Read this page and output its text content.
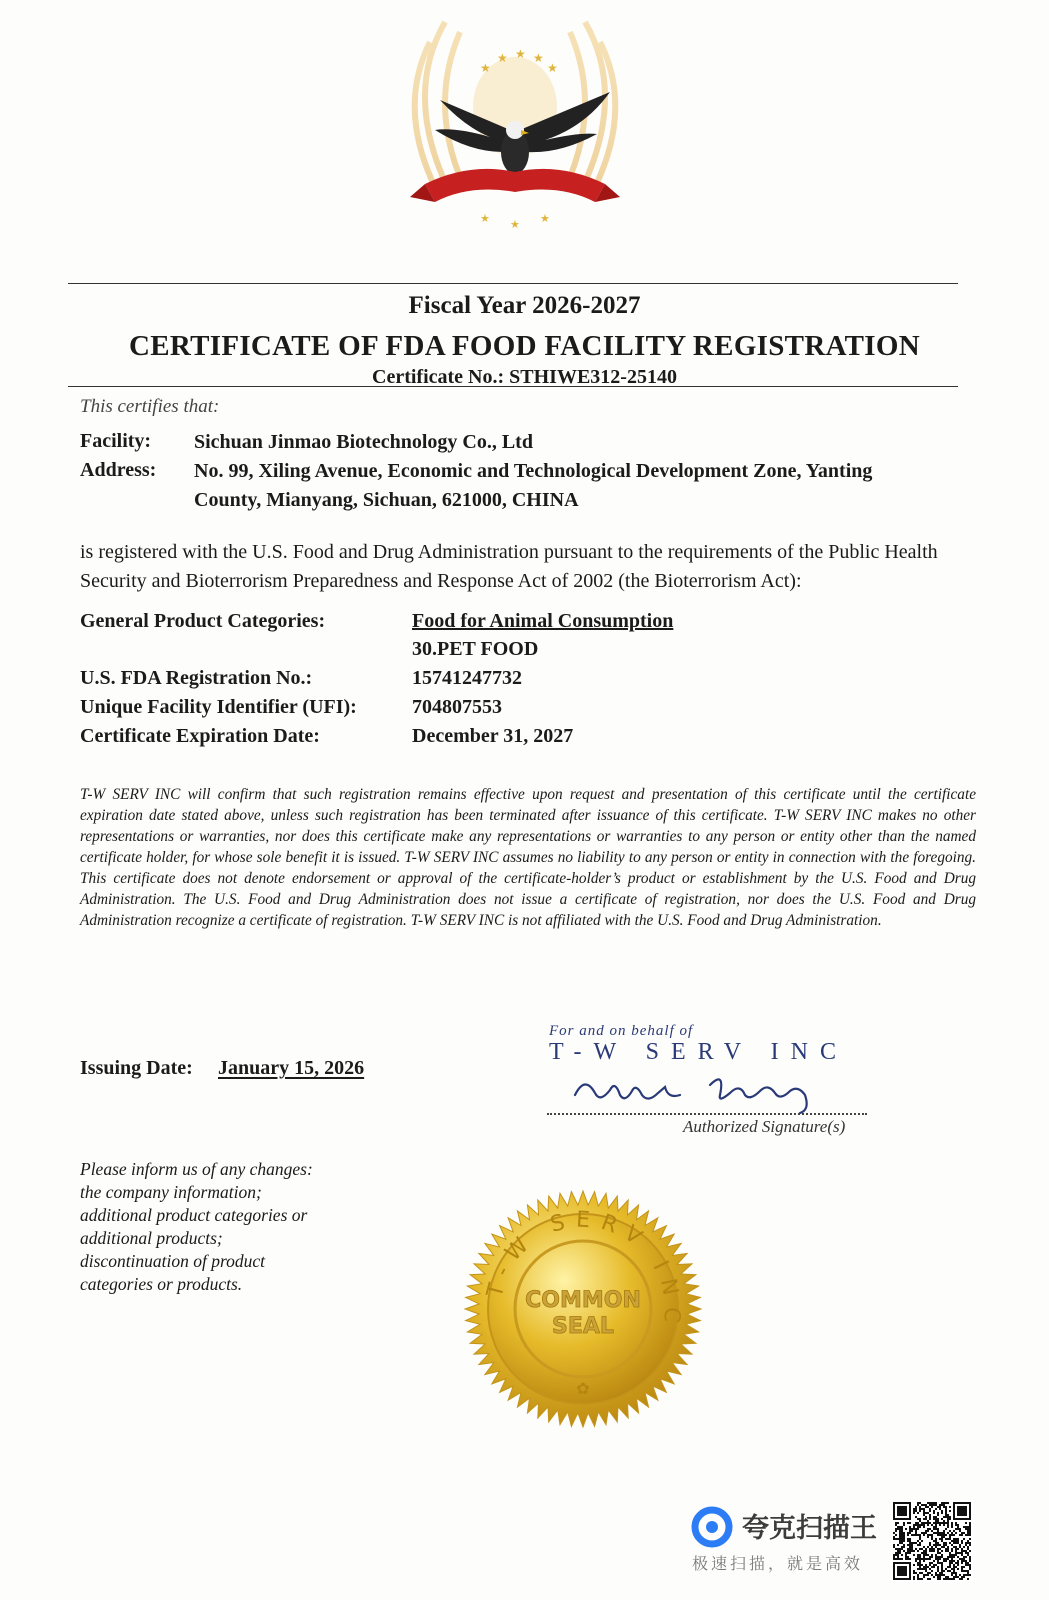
★
★ ★ ★
★
★ ★ ★
Fiscal Year 2026-2027
CERTIFICATE OF FDA FOOD FACILITY REGISTRATION
Certificate No.: STHIWE312-25140
This certifies that:
Facility: Sichuan Jinmao Biotechnology Co., Ltd
Address: No. 99, Xiling Avenue, Economic and Technological Development Zone, Yanting
County, Mianyang, Sichuan, 621000, CHINA
is registered with the U.S. Food and Drug Administration pursuant to the requirements of the Public Health Security and Bioterrorism Preparedness and Response Act of 2002 (the Bioterrorism Act):
General Product Categories:	Food for Animal Consumption
30.PET FOOD
U.S. FDA Registration No.:	15741247732
Unique Facility Identifier (UFI):	704807553
Certificate Expiration Date:	December 31, 2027
T-W SERV INC will confirm that such registration remains effective upon request and presentation of this certificate until the certificate expiration date stated above, unless such registration has been terminated after issuance of this certificate. T-W SERV INC makes no other representations or warranties, nor does this certificate make any representations or warranties to any person or entity other than the named certificate holder, for whose sole benefit it is issued. T-W SERV INC assumes no liability to any person or entity in connection with the foregoing. This certificate does not denote endorsement or approval of the certificate-holder’s product or establishment by the U.S. Food and Drug Administration. The U.S. Food and Drug Administration does not issue a certificate of registration, nor does the U.S. Food and Drug Administration recognize a certificate of registration. T-W SERV INC is not affiliated with the U.S. Food and Drug Administration.
Issuing Date: January 15, 2026
For and on behalf of
T-W SERV INC
Authorized Signature(s)
Please inform us of any changes:
the company information;
additional product categories or
additional products;
discontinuation of product
categories or products.	T-W SERV INC
COMMON
SEAL
✿
夸克扫描王
极速扫描，就是高效
